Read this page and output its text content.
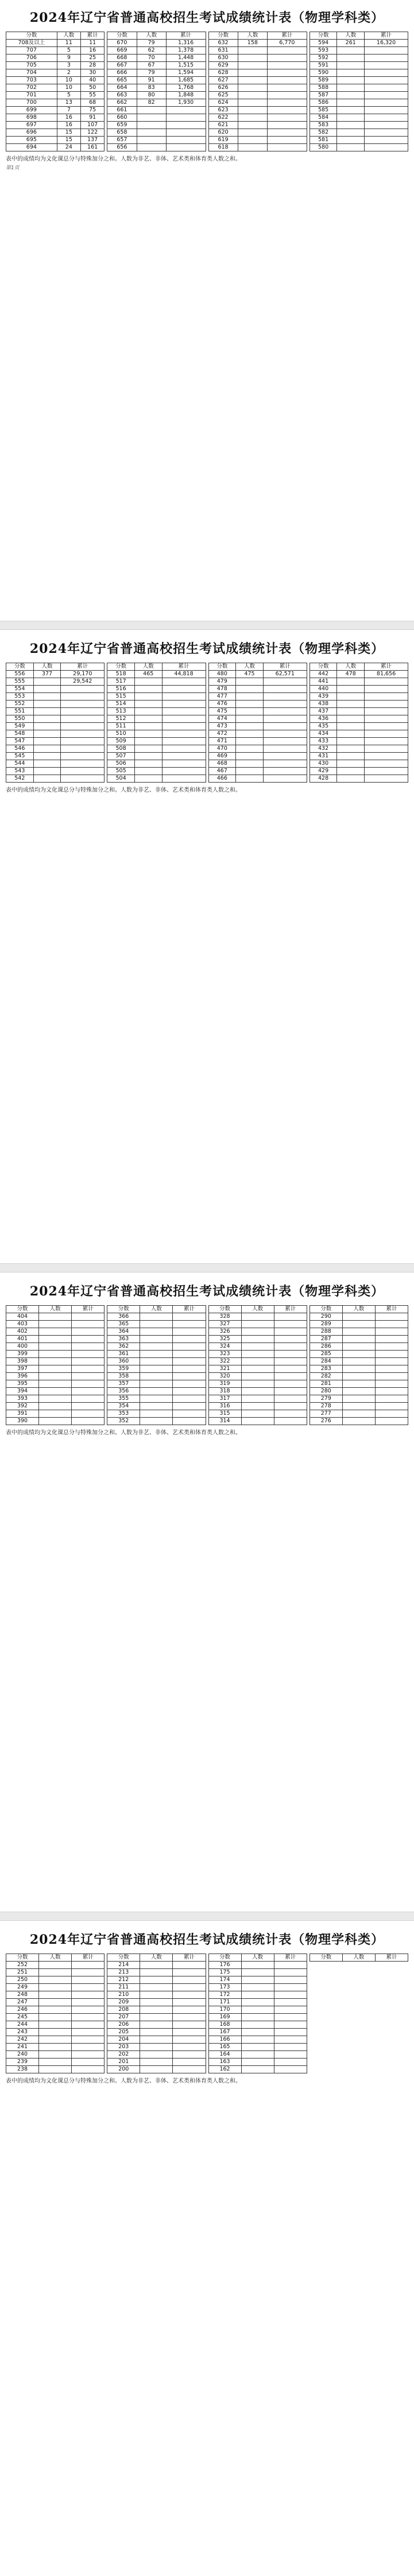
2024年辽宁省普通高校招生考试成绩统计表（物理学科类）
分数	人数	累计
708及以上	11	11
707	5	16
706	9	25
705	3	28
704	2	30
703	10	40
702	10	50
701	5	55
700	13	68
699	7	75
698	16	91
697	16	107
696	15	122
695	15	137
694	24	161
分数	人数	累计
670	79	1,316
669	62	1,378
668	70	1,448
667	67	1,515
666	79	1,594
665	91	1,685
664	83	1,768
663	80	1,848
662	82	1,930
661		
660		
659		
658		
657		
656		
分数	人数	累计
632	158	6,770
631		
630		
629		
628		
627		
626		
625		
624		
623		
622		
621		
620		
619		
618		
分数	人数	累计
594	261	16,320
593		
592		
591		
590		
589		
588		
587		
586		
585		
584		
583		
582		
581		
580		
表中的成绩均为文化课总分与特殊加分之和。人数为非艺、非体、艺术类和体育类人数之和。
第1页
2024年辽宁省普通高校招生考试成绩统计表（物理学科类）
分数	人数	累计
556	377	29,170
555		29,542
554		
553		
552		
551		
550		
549		
548		
547		
546		
545		
544		
543		
542		
分数	人数	累计
518	465	44,818
517		
516		
515		
514		
513		
512		
511		
510		
509		
508		
507		
506		
505		
504		
分数	人数	累计
480	475	62,571
479		
478		
477		
476		
475		
474		
473		
472		
471		
470		
469		
468		
467		
466		
分数	人数	累计
442	478	81,656
441		
440		
439		
438		
437		
436		
435		
434		
433		
432		
431		
430		
429		
428		
表中的成绩均为文化课总分与特殊加分之和。人数为非艺、非体、艺术类和体育类人数之和。
2024年辽宁省普通高校招生考试成绩统计表（物理学科类）
分数	人数	累计
404		
403		
402		
401		
400		
399		
398		
397		
396		
395		
394		
393		
392		
391		
390		
分数	人数	累计
366		
365		
364		
363		
362		
361		
360		
359		
358		
357		
356		
355		
354		
353		
352		
分数	人数	累计
328		
327		
326		
325		
324		
323		
322		
321		
320		
319		
318		
317		
316		
315		
314		
分数	人数	累计
290		
289		
288		
287		
286		
285		
284		
283		
282		
281		
280		
279		
278		
277		
276		
表中的成绩均为文化课总分与特殊加分之和。人数为非艺、非体、艺术类和体育类人数之和。
2024年辽宁省普通高校招生考试成绩统计表（物理学科类）
分数	人数	累计
252		
251		
250		
249		
248		
247		
246		
245		
244		
243		
242		
241		
240		
239		
238		
分数	人数	累计
214		
213		
212		
211		
210		
209		
208		
207		
206		
205		
204		
203		
202		
201		
200		
分数	人数	累计
176		
175		
174		
173		
172		
171		
170		
169		
168		
167		
166		
165		
164		
163		
162		
分数	人数	累计
表中的成绩均为文化课总分与特殊加分之和。人数为非艺、非体、艺术类和体育类人数之和。
